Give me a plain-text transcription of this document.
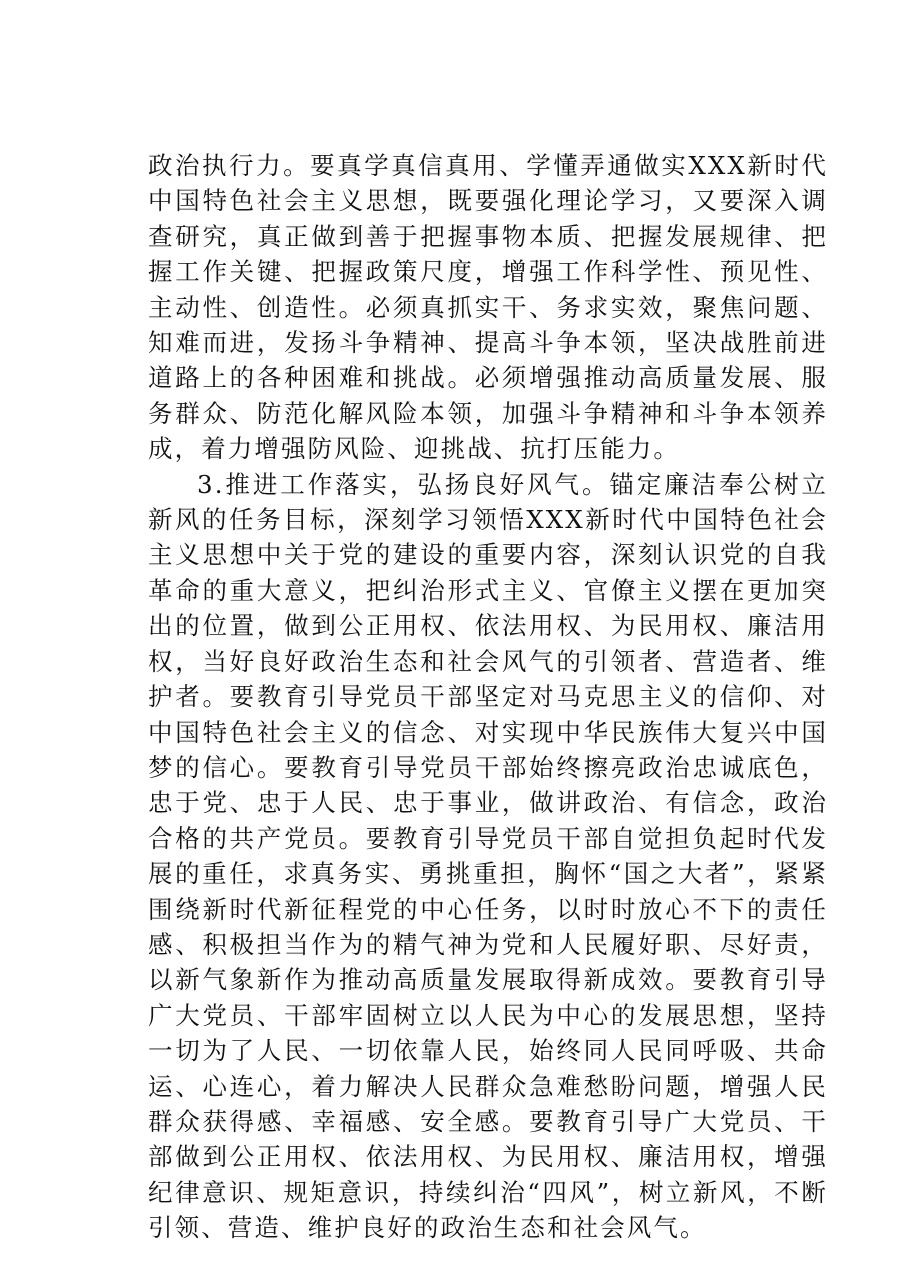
政治执行力。要真学真信真用、学懂弄通做实XXX新时代中国特色社会主义思想，既要强化理论学习，又要深入调查研究，真正做到善于把握事物本质、把握发展规律、把握工作关键、把握政策尺度，增强工作科学性、预见性、主动性、创造性。必须真抓实干、务求实效，聚焦问题、知难而进，发扬斗争精神、提高斗争本领，坚决战胜前进道路上的各种困难和挑战。必须增强推动高质量发展、服务群众、防范化解风险本领，加强斗争精神和斗争本领养成，着力增强防风险、迎挑战、抗打压能力。

3.推进工作落实，弘扬良好风气。锚定廉洁奉公树立新风的任务目标，深刻学习领悟XXX新时代中国特色社会主义思想中关于党的建设的重要内容，深刻认识党的自我革命的重大意义，把纠治形式主义、官僚主义摆在更加突出的位置，做到公正用权、依法用权、为民用权、廉洁用权，当好良好政治生态和社会风气的引领者、营造者、维护者。要教育引导党员干部坚定对马克思主义的信仰、对中国特色社会主义的信念、对实现中华民族伟大复兴中国梦的信心。要教育引导党员干部始终擦亮政治忠诚底色，忠于党、忠于人民、忠于事业，做讲政治、有信念，政治合格的共产党员。要教育引导党员干部自觉担负起时代发展的重任，求真务实、勇挑重担，胸怀“国之大者”，紧紧围绕新时代新征程党的中心任务，以时时放心不下的责任感、积极担当作为的精气神为党和人民履好职、尽好责，以新气象新作为推动高质量发展取得新成效。要教育引导广大党员、干部牢固树立以人民为中心的发展思想，坚持一切为了人民、一切依靠人民，始终同人民同呼吸、共命运、心连心，着力解决人民群众急难愁盼问题，增强人民群众获得感、幸福感、安全感。要教育引导广大党员、干部做到公正用权、依法用权、为民用权、廉洁用权，增强纪律意识、规矩意识，持续纠治“四风”，树立新风，不断引领、营造、维护良好的政治生态和社会风气。
